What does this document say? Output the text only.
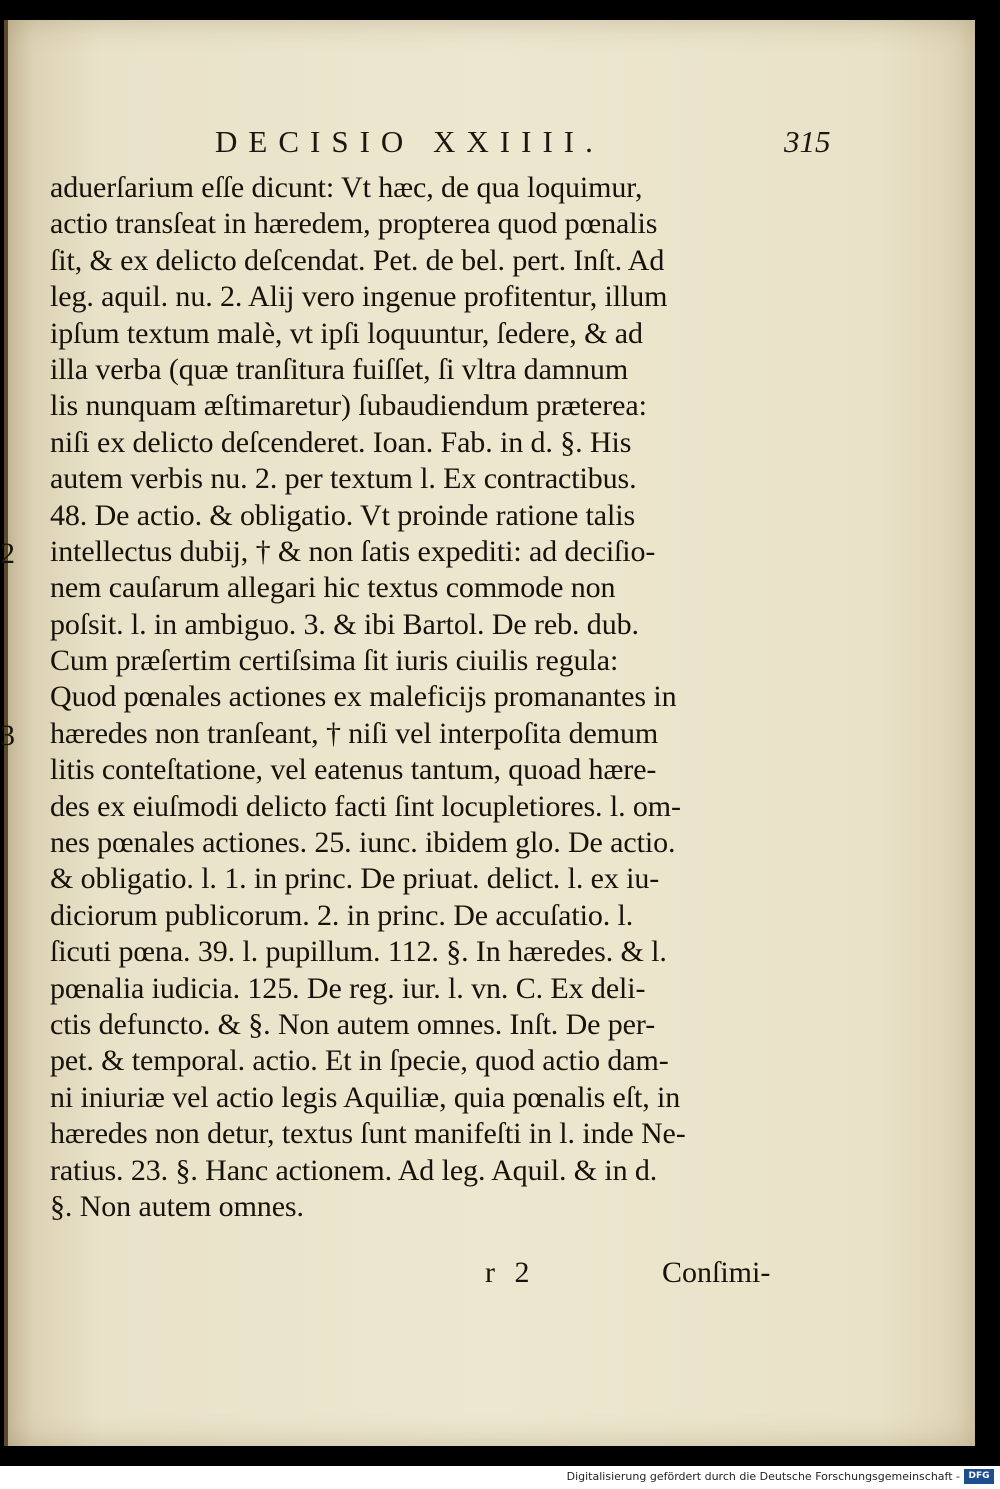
DECISIO XXIIII.	315
2
3
aduerſarium eſſe dicunt: Vt hæc, de qua loquimur,
actio transſeat in hæredem, propterea quod pœnalis
ſit, & ex delicto deſcendat. Pet. de bel. pert. Inſt. Ad
leg. aquil. nu. 2. Alij vero ingenue profitentur, illum
ipſum textum malè, vt ipſi loquuntur, ſedere, & ad
illa verba (quæ tranſitura fuiſſet, ſi vltra damnum
lis nunquam æſtimaretur) ſubaudiendum præterea:
niſi ex delicto deſcenderet. Ioan. Fab. in d. §. His
autem verbis nu. 2. per textum l. Ex contractibus.
48. De actio. & obligatio. Vt proinde ratione talis
intellectus dubij, † & non ſatis expediti: ad deciſio-
nem cauſarum allegari hic textus commode non
poſsit. l. in ambiguo. 3. & ibi Bartol. De reb. dub.
Cum præſertim certiſsima ſit iuris ciuilis regula:
Quod pœnales actiones ex maleficijs promanantes in
hæredes non tranſeant, † niſi vel interpoſita demum
litis conteſtatione, vel eatenus tantum, quoad hære-
des ex eiuſmodi delicto facti ſint locupletiores. l. om-
nes pœnales actiones. 25. iunc. ibidem glo. De actio.
& obligatio. l. 1. in princ. De priuat. delict. l. ex iu-
diciorum publicorum. 2. in princ. De accuſatio. l.
ſicuti pœna. 39. l. pupillum. 112. §. In hæredes. & l.
pœnalia iudicia. 125. De reg. iur. l. vn. C. Ex deli-
ctis defuncto. & §. Non autem omnes. Inſt. De per-
pet. & temporal. actio. Et in ſpecie, quod actio dam-
ni iniuriæ vel actio legis Aquiliæ, quia pœnalis eſt, in
hæredes non detur, textus ſunt manifeſti in l. inde Ne-
ratius. 23. §. Hanc actionem. Ad leg. Aquil. & in d.
§. Non autem omnes.
r 2	Conſimi-
Digitalisierung gefördert durch die Deutsche Forschungsgemeinschaft - DFG
